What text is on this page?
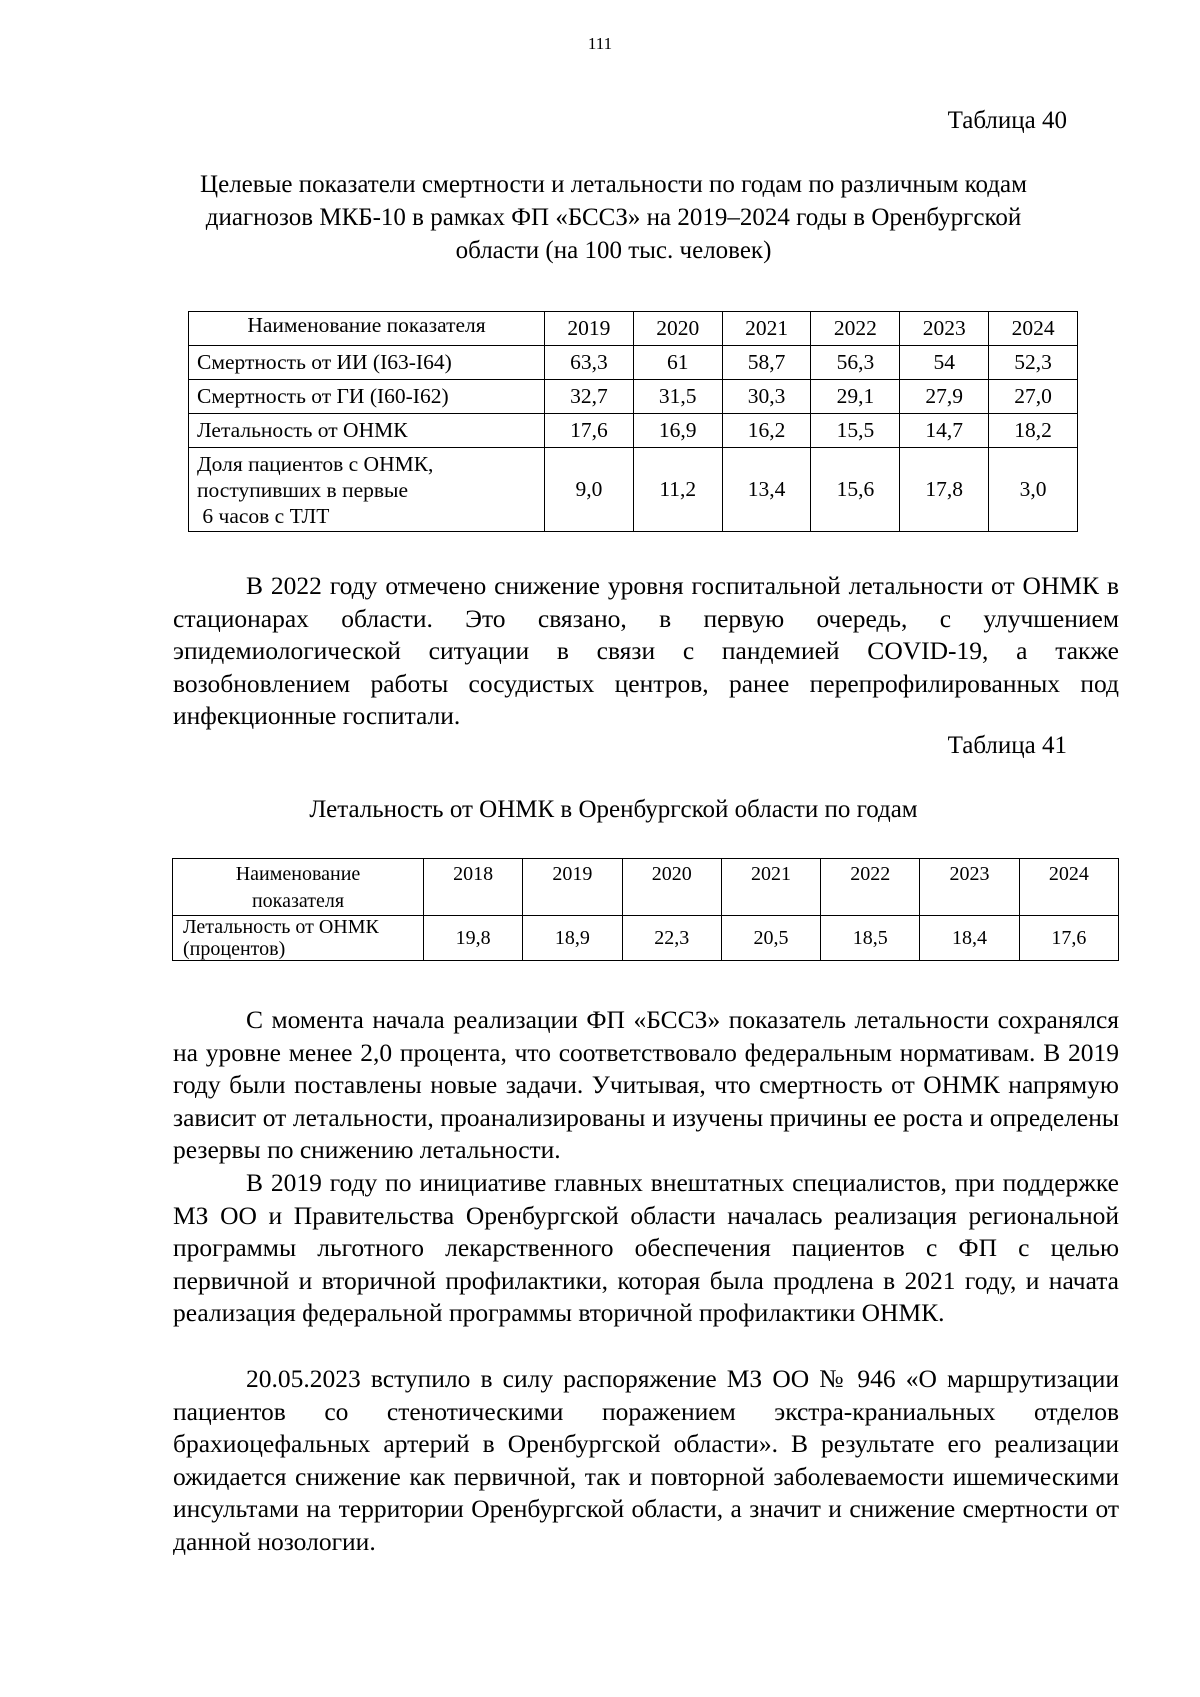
111
Таблица 40
Целевые показатели смертности и летальности по годам по различным кодам
диагнозов МКБ-10 в рамках ФП «БССЗ» на 2019–2024 годы в Оренбургской
области (на 100 тыс. человек)
Наименование показателя	2019	2020	2021	2022	2023	2024
Смертность от ИИ (I63-I64)	63,3	61	58,7	56,3	54	52,3
Смертность от ГИ (I60-I62)	32,7	31,5	30,3	29,1	27,9	27,0
Летальность от ОНМК	17,6	16,9	16,2	15,5	14,7	18,2

Доля пациентов с ОНМК,
поступивших в первые
6 часов с ТЛТ	9,0	11,2	13,4	15,6	17,8	3,0

В 2022 году отмечено снижение уровня госпитальной летальности от ОНМК в стационарах области. Это связано, в первую очередь, с улучшением эпидемиологической ситуации в связи с пандемией COVID-19, а также возобновлением работы сосудистых центров, ранее перепрофилированных под инфекционные госпитали.

Таблица 41
Летальность от ОНМК в Оренбургской области по годам
Наименование
показателя	2018	2019	2020	2021	2022	2023	2024

Летальность от ОНМК
(процентов)	19,8	18,9	22,3	20,5	18,5	18,4	17,6

С момента начала реализации ФП «БССЗ» показатель летальности сохранялся на уровне менее 2,0 процента, что соответствовало федеральным нормативам. В 2019 году были поставлены новые задачи. Учитывая, что смертность от ОНМК напрямую зависит от летальности, проанализированы и изучены причины ее роста и определены резервы по снижению летальности.

В 2019 году по инициативе главных внештатных специалистов, при поддержке МЗ ОО и Правительства Оренбургской области началась реализация региональной программы льготного лекарственного обеспечения пациентов с ФП с целью первичной и вторичной профилактики, которая была продлена в 2021 году, и начата реализация федеральной программы вторичной профилактики ОНМК.

20.05.2023 вступило в силу распоряжение МЗ ОО № 946 «О маршрутизации пациентов со стенотическими поражением экстра-краниальных отделов брахиоцефальных артерий в Оренбургской области». В результате его реализации ожидается снижение как первичной, так и повторной заболеваемости ишемическими инсультами на территории Оренбургской области, а значит и снижение смертности от данной нозологии.
